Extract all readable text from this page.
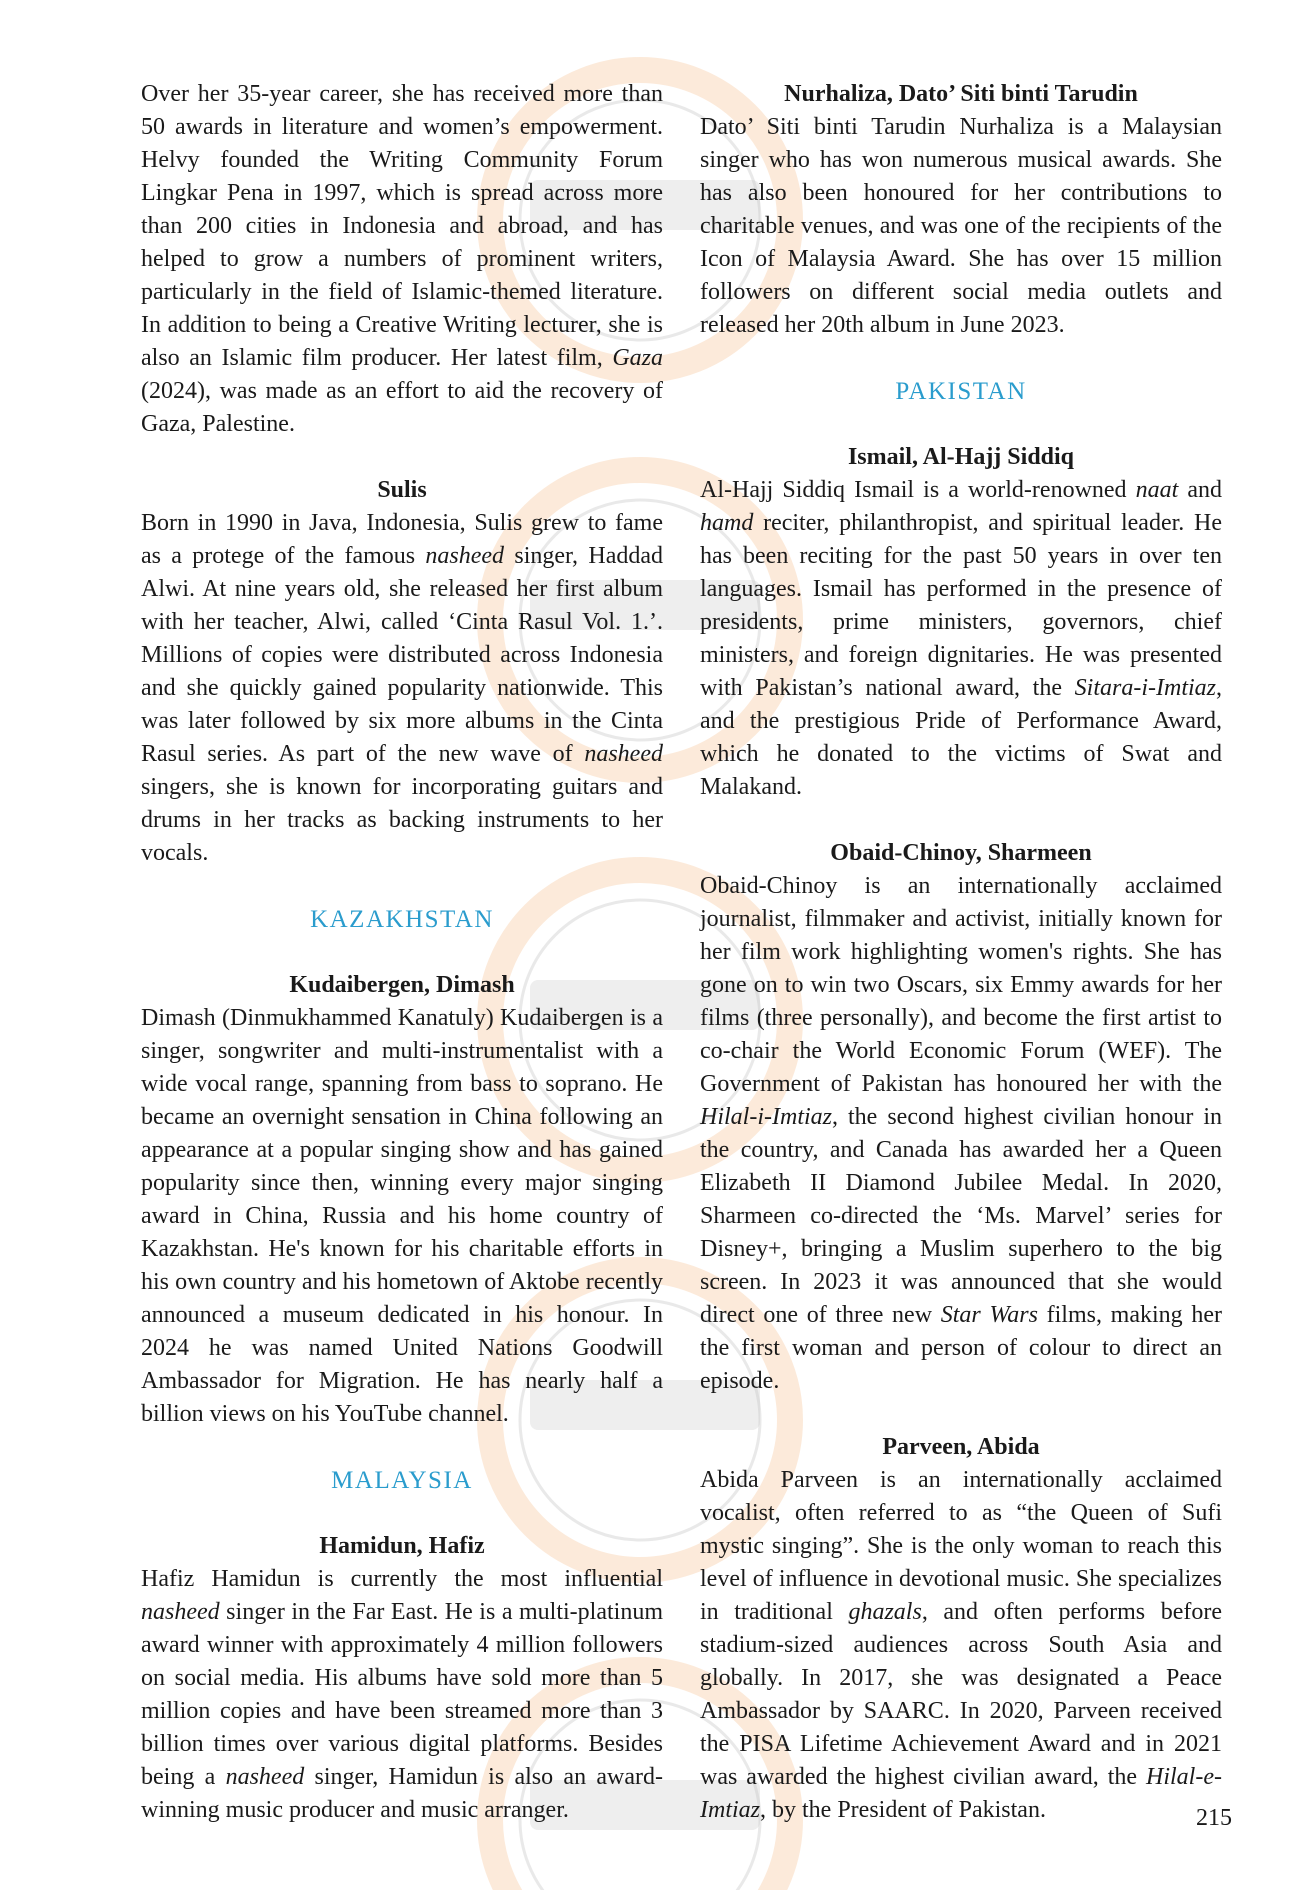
Over her 35-year career, she has received more than 50 awards in literature and women’s empowerment. Helvy founded the Writing Community Forum Lingkar Pena in 1997, which is spread across more than 200 cities in Indonesia and abroad, and has helped to grow a numbers of prominent writers, particularly in the field of Islamic-themed literature. In addition to being a Creative Writing lecturer, she is also an Islamic film producer. Her latest film, Gaza (2024), was made as an effort to aid the recovery of Gaza, Palestine.

Sulis

Born in 1990 in Java, Indonesia, Sulis grew to fame as a protege of the famous nasheed singer, Haddad Alwi. At nine years old, she released her first album with her teacher, Alwi, called ‘Cinta Rasul Vol. 1.’. Millions of copies were distributed across Indonesia and she quickly gained popularity nationwide. This was later followed by six more albums in the Cinta Rasul series. As part of the new wave of nasheed singers, she is known for incorporating guitars and drums in her tracks as backing instruments to her vocals.

KAZAKHSTAN
Kudaibergen, Dimash

Dimash (Dinmukhammed Kanatuly) Kudaibergen is a singer, songwriter and multi-instrumentalist with a wide vocal range, spanning from bass to soprano. He became an overnight sensation in China following an appearance at a popular singing show and has gained popularity since then, winning every major singing award in China, Russia and his home country of Kazakhstan. He's known for his charitable efforts in his own country and his hometown of Aktobe recently announced a museum dedicated in his honour. In 2024 he was named United Nations Goodwill Ambassador for Migration. He has nearly half a billion views on his YouTube channel.

MALAYSIA
Hamidun, Hafiz

Hafiz Hamidun is currently the most influential nasheed singer in the Far East. He is a multi-platinum award winner with approximately 4 million followers on social media. His albums have sold more than 5 million copies and have been streamed more than 3 billion times over various digital platforms. Besides being a nasheed singer, Hamidun is also an award-winning music producer and music arranger.

Nurhaliza, Dato’ Siti binti Tarudin

Dato’ Siti binti Tarudin Nurhaliza is a Malaysian singer who has won numerous musical awards. She has also been honoured for her contributions to charitable venues, and was one of the recipients of the Icon of Malaysia Award. She has over 15 million followers on different social media outlets and released her 20th album in June 2023.

PAKISTAN
Ismail, Al-Hajj Siddiq

Al-Hajj Siddiq Ismail is a world-renowned naat and hamd reciter, philanthropist, and spiritual leader. He has been reciting for the past 50 years in over ten languages. Ismail has performed in the presence of presidents, prime ministers, governors, chief ministers, and foreign dignitaries. He was presented with Pakistan’s national award, the Sitara-i-Imtiaz, and the prestigious Pride of Performance Award, which he donated to the victims of Swat and Malakand.

Obaid-Chinoy, Sharmeen

Obaid-Chinoy is an internationally acclaimed journalist, filmmaker and activist, initially known for her film work highlighting women's rights. She has gone on to win two Oscars, six Emmy awards for her films (three personally), and become the first artist to co-chair the World Economic Forum (WEF). The Government of Pakistan has honoured her with the Hilal-i-Imtiaz, the second highest civilian honour in the country, and Canada has awarded her a Queen Elizabeth II Diamond Jubilee Medal. In 2020, Sharmeen co-directed the ‘Ms. Marvel’ series for Disney+, bringing a Muslim superhero to the big screen. In 2023 it was announced that she would direct one of three new Star Wars films, making her the first woman and person of colour to direct an episode.

Parveen, Abida

Abida Parveen is an internationally acclaimed vocalist, often referred to as “the Queen of Sufi mystic singing”. She is the only woman to reach this level of influence in devotional music. She specializes in traditional ghazals, and often performs before stadium-sized audiences across South Asia and globally. In 2017, she was designated a Peace Ambassador by SAARC. In 2020, Parveen received the PISA Lifetime Achievement Award and in 2021 was awarded the highest civilian award, the Hilal-e-Imtiaz, by the President of Pakistan.	215
